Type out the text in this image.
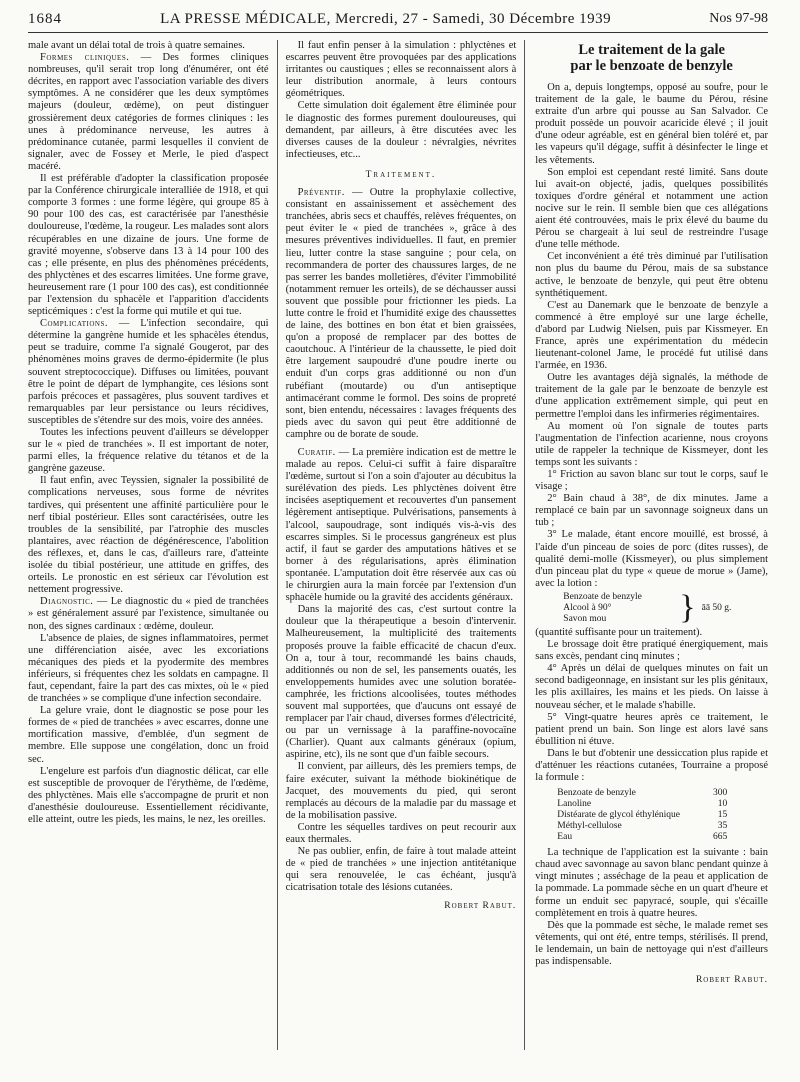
1684	LA PRESSE MÉDICALE, Mercredi, 27 - Samedi, 30 Décembre 1939	Nos 97-98

male avant un délai total de trois à quatre semaines.

Formes cliniques. — Des formes cliniques nombreuses, qu'il serait trop long d'énumérer, ont été décrites, en rapport avec l'association variable des divers symptômes. A ne considérer que les deux symptômes majeurs (douleur, œdème), on peut distinguer grossièrement deux catégories de formes cliniques : les unes à prédominance nerveuse, les autres à prédominance cutanée, parmi lesquelles il convient de signaler, avec de Fossey et Merle, le pied d'aspect macéré.

Il est préférable d'adopter la classification proposée par la Conférence chirurgicale interalliée de 1918, et qui comporte 3 formes : une forme légère, qui groupe 85 à 90 pour 100 des cas, est caractérisée par l'anesthésie douloureuse, l'œdème, la rougeur. Les malades sont alors récupérables en une dizaine de jours. Une forme de gravité moyenne, s'observe dans 13 à 14 pour 100 des cas ; elle présente, en plus des phénomènes précédents, des phlyctènes et des escarres limitées. Une forme grave, heureusement rare (1 pour 100 des cas), est conditionnée par l'extension du sphacèle et l'apparition d'accidents septicémiques : c'est la forme qui mutile et qui tue.

Complications. — L'infection secondaire, qui détermine la gangrène humide et les sphacèles étendus, peut se traduire, comme l'a signalé Gougerot, par des phénomènes moins graves de dermo-épidermite (le plus souvent streptococcique). Diffuses ou limitées, pouvant être le point de départ de lymphangite, ces lésions sont parfois précoces et passagères, plus souvent tardives et remarquables par leur persistance ou leurs récidives, susceptibles de s'étendre sur des mois, voire des années.

Toutes les infections peuvent d'ailleurs se développer sur le « pied de tranchées ». Il est important de noter, parmi elles, la fréquence relative du tétanos et de la gangrène gazeuse.

Il faut enfin, avec Teyssien, signaler la possibilité de complications nerveuses, sous forme de névrites tardives, qui présentent une affinité particulière pour le nerf tibial postérieur. Elles sont caractérisées, outre les troubles de la sensibilité, par l'atrophie des muscles plantaires, avec réaction de dégénérescence, l'abolition des réflexes, et, dans le cas, d'ailleurs rare, d'atteinte isolée du tibial postérieur, une attitude en griffes, des orteils. Le pronostic en est sérieux car l'évolution est nettement progressive.

Diagnostic. — Le diagnostic du « pied de tranchées » est généralement assuré par l'existence, simultanée ou non, des signes cardinaux : œdème, douleur.

L'absence de plaies, de signes inflammatoires, permet une différenciation aisée, avec les excoriations mécaniques des pieds et la pyodermite des membres inférieurs, si fréquentes chez les soldats en campagne. Il faut, cependant, faire la part des cas mixtes, où le « pied de tranchées » se complique d'une infection secondaire.

La gelure vraie, dont le diagnostic se pose pour les formes de « pied de tranchées » avec escarres, donne une mortification massive, d'emblée, d'un segment de membre. Elle suppose une congélation, donc un froid sec.

L'engelure est parfois d'un diagnostic délicat, car elle est susceptible de provoquer de l'érythème, de l'œdème, des phlyctènes. Mais elle s'accompagne de prurit et non d'anesthésie douloureuse. Essentiellement récidivante, elle atteint, outre les pieds, les mains, le nez, les oreilles.

Il faut enfin penser à la simulation : phlyctènes et escarres peuvent être provoquées par des applications irritantes ou caustiques ; elles se reconnaissent alors à leur distribution anormale, à leurs contours géométriques.

Cette simulation doit également être éliminée pour le diagnostic des formes purement douloureuses, qui demandent, par ailleurs, à être discutées avec les diverses causes de la douleur : névralgies, névrites infectieuses, etc...

Traitement.

Préventif. — Outre la prophylaxie collective, consistant en assainissement et assèchement des tranchées, abris secs et chauffés, relèves fréquentes, on peut éviter le « pied de tranchées », grâce à des mesures préventives individuelles. Il faut, en premier lieu, lutter contre la stase sanguine ; pour cela, on recommandera de porter des chaussures larges, de ne pas serrer les bandes molletières, d'éviter l'immobilité (notamment remuer les orteils), de se déchausser aussi souvent que possible pour frictionner les pieds. La lutte contre le froid et l'humidité exige des chaussettes de laine, des bottines en bon état et bien graissées, qu'on a proposé de remplacer par des bottes de caoutchouc. A l'intérieur de la chaussette, le pied doit être largement saupoudré d'une poudre inerte ou enduit d'un corps gras additionné ou non d'un rubéfiant (moutarde) ou d'un antiseptique antimacérant comme le formol. Des soins de propreté sont, bien entendu, nécessaires : lavages fréquents des pieds avec du savon qui peut être additionné de camphre ou de borate de soude.

Curatif. — La première indication est de mettre le malade au repos. Celui-ci suffit à faire disparaître l'œdème, surtout si l'on a soin d'ajouter au décubitus la surélévation des pieds. Les phlyctènes doivent être incisées aseptiquement et recouvertes d'un pansement légèrement antiseptique. Pulvérisations, pansements à l'alcool, saupoudrage, sont indiqués vis-à-vis des escarres simples. Si le processus gangréneux est plus actif, il faut se garder des amputations hâtives et se borner à des régularisations, après élimination spontanée. L'amputation doit être réservée aux cas où le chirurgien aura la main forcée par l'extension d'un sphacèle humide ou la gravité des accidents généraux.

Dans la majorité des cas, c'est surtout contre la douleur que la thérapeutique a besoin d'intervenir. Malheureusement, la multiplicité des traitements proposés prouve la faible efficacité de chacun d'eux. On a, tour à tour, recommandé les bains chauds, additionnés ou non de sel, les pansements ouatés, les enveloppements humides avec une solution boratée-camphrée, les frictions alcoolisées, toutes méthodes souvent mal supportées, que d'aucuns ont essayé de remplacer par l'air chaud, diverses formes d'électricité, ou par un vernissage à la paraffine-novocaïne (Charlier). Quant aux calmants généraux (opium, aspirine, etc), ils ne sont que d'un faible secours.

Il convient, par ailleurs, dès les premiers temps, de faire exécuter, suivant la méthode biokinétique de Jacquet, des mouvements du pied, qui seront remplacés au décours de la maladie par du massage et de la mobilisation passive.

Contre les séquelles tardives on peut recourir aux eaux thermales.

Ne pas oublier, enfin, de faire à tout malade atteint de « pied de tranchées » une injection antitétanique qui sera renouvelée, le cas échéant, jusqu'à cicatrisation totale des lésions cutanées.

Robert Rabut.
Le traitement de la gale
par le benzoate de benzyle

On a, depuis longtemps, opposé au soufre, pour le traitement de la gale, le baume du Pérou, résine extraite d'un arbre qui pousse au San Salvador. Ce produit possède un pouvoir acaricide élevé ; il jouit d'une odeur agréable, est en général bien toléré et, par les vapeurs qu'il dégage, suffit à désinfecter le linge et les vêtements.

Son emploi est cependant resté limité. Sans doute lui avait-on objecté, jadis, quelques possibilités toxiques d'ordre général et notamment une action nocive sur le rein. Il semble bien que ces allégations aient été controuvées, mais le prix élevé du baume du Pérou se chargeait à lui seul de restreindre l'usage d'une telle méthode.

Cet inconvénient a été très diminué par l'utilisation non plus du baume du Pérou, mais de sa substance active, le benzoate de benzyle, qui peut être obtenu synthétiquement.

C'est au Danemark que le benzoate de benzyle a commencé à être employé sur une large échelle, d'abord par Ludwig Nielsen, puis par Kissmeyer. En France, après une expérimentation du médecin lieutenant-colonel Jame, le procédé fut utilisé dans l'armée, en 1936.

Outre les avantages déjà signalés, la méthode de traitement de la gale par le benzoate de benzyle est d'une application extrêmement simple, qui peut en permettre l'emploi dans les infirmeries régimentaires.

Au moment où l'on signale de toutes parts l'augmentation de l'infection acarienne, nous croyons utile de rappeler la technique de Kissmeyer, dont les temps sont les suivants :

1° Friction au savon blanc sur tout le corps, sauf le visage ;

2° Bain chaud à 38°, de dix minutes. Jame a remplacé ce bain par un savonnage soigneux dans un tub ;

3° Le malade, étant encore mouillé, est brossé, à l'aide d'un pinceau de soies de porc (dites russes), de qualité demi-molle (Kissmeyer), ou plus simplement d'un pinceau plat du type « queue de morue » (Jame), avec la lotion :

Benzoate de benzyle
Alcool à 90°
Savon mou	} āā 50 g.

(quantité suffisante pour un traitement).

Le brossage doit être pratiqué énergiquement, mais sans excès, pendant cinq minutes ;

4° Après un délai de quelques minutes on fait un second badigeonnage, en insistant sur les plis génitaux, les plis axillaires, les mains et les pieds. On laisse à nouveau sécher, et le malade s'habille.

5° Vingt-quatre heures après ce traitement, le patient prend un bain. Son linge est alors lavé sans ébullition ni étuve.

Dans le but d'obtenir une dessiccation plus rapide et d'atténuer les réactions cutanées, Tourraine a proposé la formule :

Benzoate de benzyle	300
Lanoline	10
Distéarate de glycol éthylénique	15
Méthyl-cellulose	35
Eau	665

La technique de l'application est la suivante : bain chaud avec savonnage au savon blanc pendant quinze à vingt minutes ; asséchage de la peau et application de la pommade. La pommade sèche en un quart d'heure et forme un enduit sec papyracé, souple, qui s'écaille complètement en trois à quatre heures.

Dès que la pommade est sèche, le malade remet ses vêtements, qui ont été, entre temps, stérilisés. Il prend, le lendemain, un bain de nettoyage qui n'est d'ailleurs pas indispensable.

Robert Rabut.
